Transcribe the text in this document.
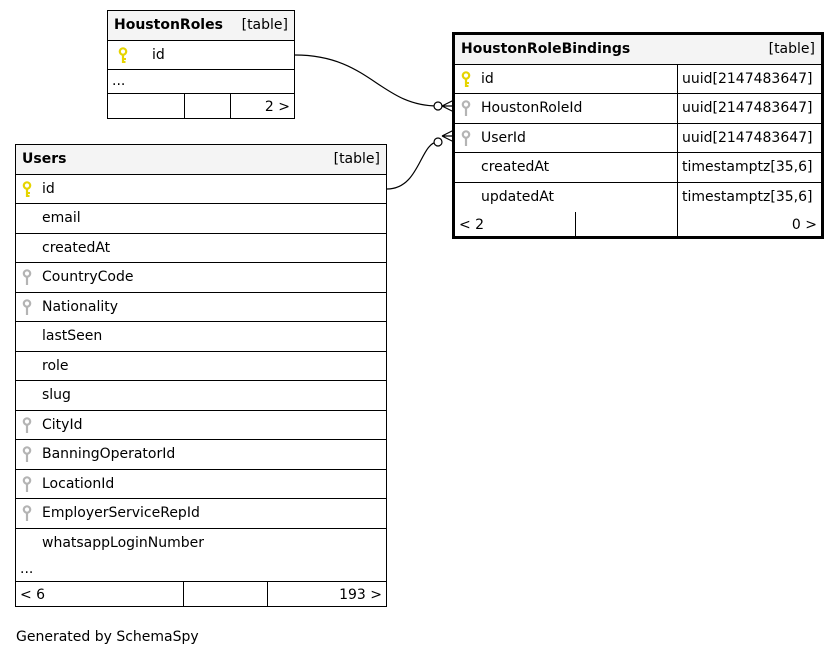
HoustonRoles [table]
id
...
2 >
HoustonRoleBindings	[table]
id	uuid[2147483647]
HoustonRoleId	uuid[2147483647]
UserId	uuid[2147483647]
createdAt	timestamptz[35,6]
updatedAt	timestamptz[35,6]
< 2	0 >
Users	[table]
id
email
createdAt
CountryCode
Nationality
lastSeen
role
slug
CityId
BanningOperatorId
LocationId
EmployerServiceRepId
whatsappLoginNumber
...
< 6	193 >
Generated by SchemaSpy
